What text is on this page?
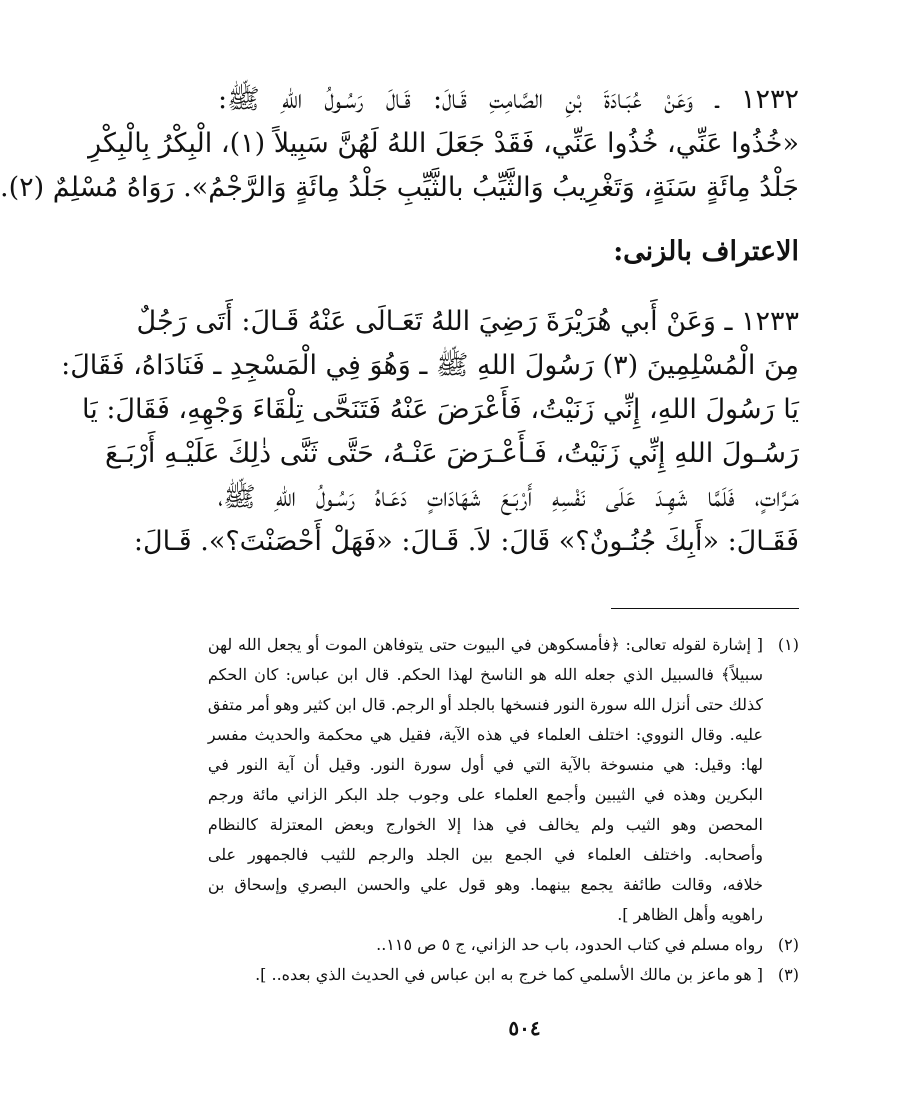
١٢٣٢ ـ وَعَنْ عُبَـادَةَ بْنِ الصَّامِتِ قَـالَ: قَـالَ رَسُـولُ اللهِ ﷺ:
«خُذُوا عَنِّي، خُذُوا عَنِّي، فَقَدْ جَعَلَ اللهُ لَهُنَّ سَبِيلاً (١)، الْبِكْرُ بِالْبِكْرِ
جَلْدُ مِائَةٍ سَنَةٍ، وَتَغْرِيبُ وَالثَّيِّبُ بالثَّيِّبِ جَلْدُ مِائَةٍ وَالرَّجْمُ». رَوَاهُ مُسْلِمٌ (٢).
الاعتراف بالزنى:
١٢٣٣ ـ وَعَنْ أَبي هُرَيْرَةَ رَضِيَ اللهُ تَعَـالَى عَنْهُ قَـالَ: أَتَى رَجُلٌ
مِنَ الْمُسْلِمِينَ (٣) رَسُولَ اللهِ ﷺ ـ وَهُوَ فِي الْمَسْجِدِ ـ فَنَادَاهُ، فَقَالَ:
يَا رَسُولَ اللهِ، إِنِّي زَنَيْتُ، فَأَعْرَضَ عَنْهُ فَتَنَحَّى تِلْقَاءَ وَجْهِهِ، فَقَالَ: يَا
رَسُـولَ اللهِ إِنِّي زَنَيْتُ، فَـأَعْـرَضَ عَنْـهُ، حَتَّى ثَنَّى ذٰلِكَ عَلَيْـهِ أَرْبَـعَ
مَـرَّاتٍ، فَلَمَّا شَهِـدَ عَلَى نَفْسِهِ أَرْبَـعَ شَهَادَاتٍ دَعَـاهُ رَسُـولُ اللهِ ﷺ،
فَقَـالَ: «أَبِكَ جُنُـونٌ؟» قَالَ: لاَ. قَـالَ: «فَهَلْ أَحْصَنْتَ؟». قَـالَ:
(١)
[ إشارة لقوله تعالى: ﴿فأمسكوهن في البيوت حتى يتوفاهن الموت أو يجعل الله لهن
سبيلاً﴾ فالسبيل الذي جعله الله هو الناسخ لهذا الحكم. قال ابن عباس: كان الحكم
كذلك حتى أنزل الله سورة النور فنسخها بالجلد أو الرجم. قال ابن كثير وهو أمر متفق
عليه. وقال النووي: اختلف العلماء في هذه الآية، فقيل هي محكمة والحديث مفسر
لها: وقيل: هي منسوخة بالآية التي في أول سورة النور. وقيل أن آية النور في
البكرين وهذه في الثيبين وأجمع العلماء على وجوب جلد البكر الزاني مائة ورجم
المحصن وهو الثيب ولم يخالف في هذا إلا الخوارج وبعض المعتزلة كالنظام
وأصحابه. واختلف العلماء في الجمع بين الجلد والرجم للثيب فالجمهور على
خلافه، وقالت طائفة يجمع بينهما. وهو قول علي والحسن البصري وإسحاق بن
راهويه وأهل الظاهر ].
(٢)
رواه مسلم في كتاب الحدود، باب حد الزاني، ج ٥ ص ١١٥..
(٣)
[ هو ماعز بن مالك الأسلمي كما خرج به ابن عباس في الحديث الذي بعده.. ].
٥٠٤
